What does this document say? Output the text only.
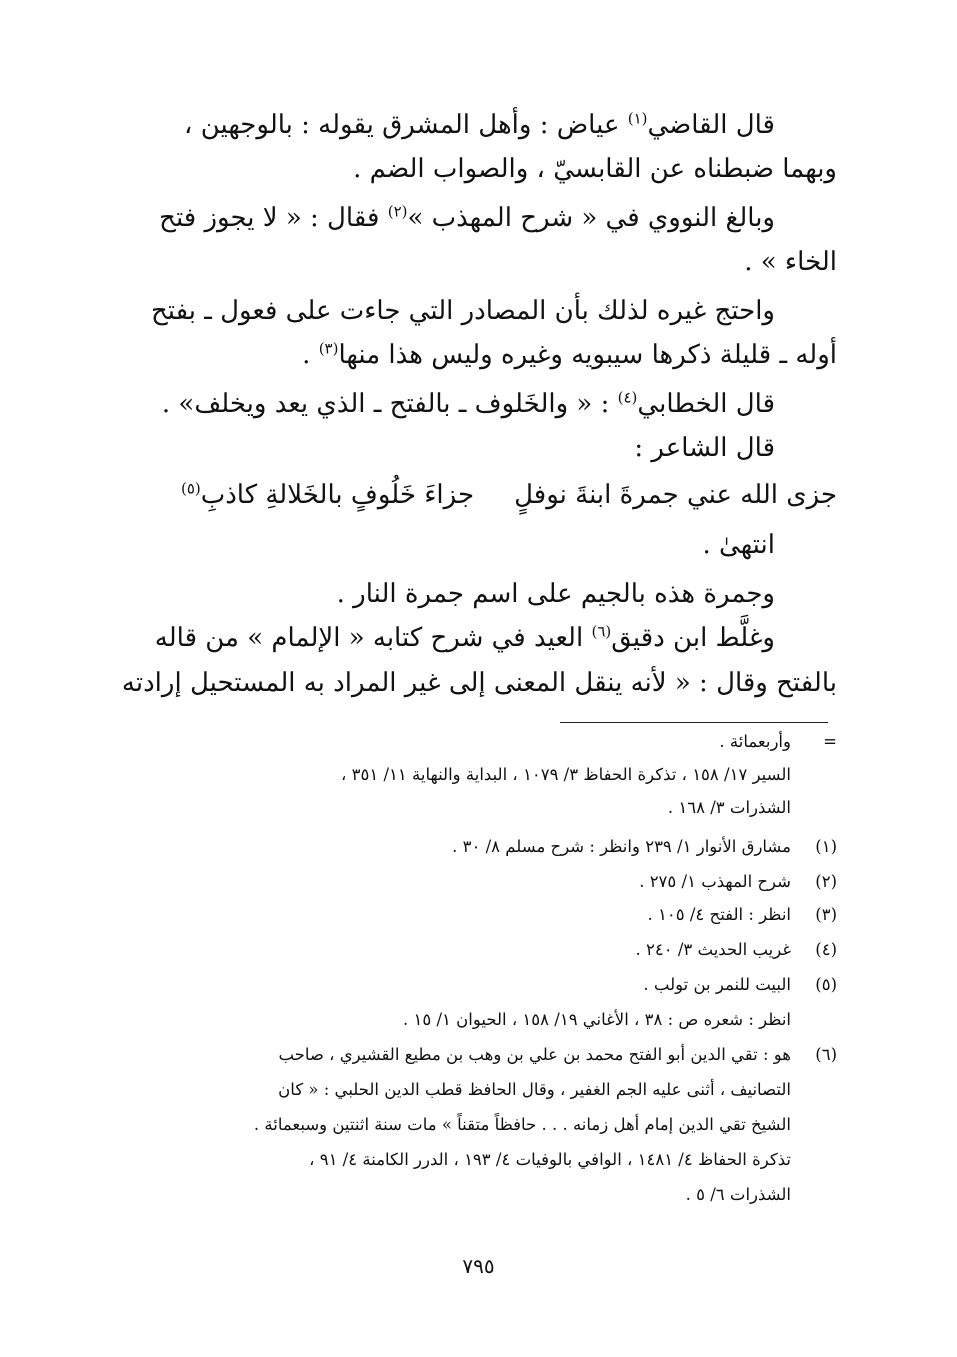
قال القاضي$^{(١)}$ عياض : وأهل المشرق يقوله : بالوجهين ،
وبهما ضبطناه عن القابسيّ ، والصواب الضم .
وبالغ النووي في « شرح المهذب »$^{(٢)}$ فقال : « لا يجوز فتح
الخاء » .
واحتج غيره لذلك بأن المصادر التي جاءت على فعول ـ بفتح
أوله ـ قليلة ذكرها سيبويه وغيره وليس هذا منها$^{(٣)}$ .
قال الخطابي$^{(٤)}$ : « والخَلوف ـ بالفتح ـ الذي يعد ويخلف» .
قال الشاعر :
جزى الله عني جمرةَ ابنةَ نوفلٍجزاءَ خَلُوفٍ بالخَلالةِ كاذبِ$^{(٥)}$
انتهىٰ .
وجمرة هذه بالجيم على اسم جمرة النار .
وغلَّط ابن دقيق$^{(٦)}$ العيد في شرح كتابه « الإلمام » من قاله
بالفتح وقال : « لأنه ينقل المعنى إلى غير المراد به المستحيل إرادته
=وأربعمائة .
السير ١٧/ ١٥٨ ، تذكرة الحفاظ ٣/ ١٠٧٩ ، البداية والنهاية ١١/ ٣٥١ ،
الشذرات ٣/ ١٦٨ .
(١)مشارق الأنوار ١/ ٢٣٩ وانظر : شرح مسلم ٨/ ٣٠ .
(٢)شرح المهذب ١/ ٢٧٥ .
(٣)انظر : الفتح ٤/ ١٠٥ .
(٤)غريب الحديث ٣/ ٢٤٠ .
(٥)البيت للنمر بن تولب .
انظر : شعره ص : ٣٨ ، الأغاني ١٩/ ١٥٨ ، الحيوان ١/ ١٥ .
(٦)هو : تقي الدين أبو الفتح محمد بن علي بن وهب بن مطيع القشيري ، صاحب
التصانيف ، أثنى عليه الجم الغفير ، وقال الحافظ قطب الدين الحلبي : « كان
الشيخ تقي الدين إمام أهل زمانه . . . حافظاً متقناً » مات سنة اثنتين وسبعمائة .
تذكرة الحفاظ ٤/ ١٤٨١ ، الوافي بالوفيات ٤/ ١٩٣ ، الدرر الكامنة ٤/ ٩١ ،
الشذرات ٦/ ٥ .
٧٩٥
